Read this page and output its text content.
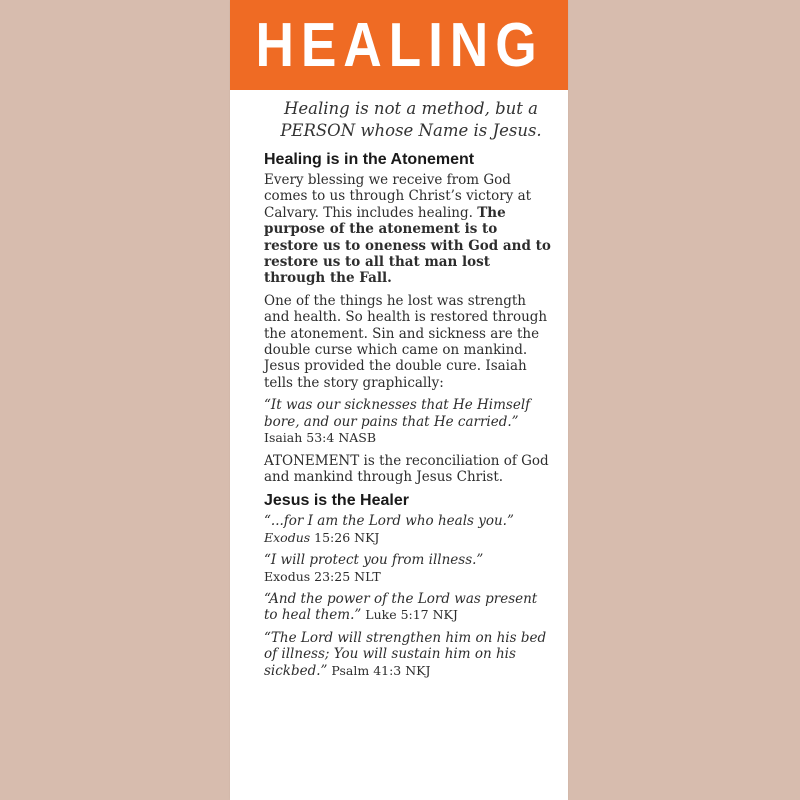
HEALING

Healing is not a method, but a PERSON whose Name is Jesus.

Healing is in the Atonement

Every blessing we receive from God comes to us through Christ’s victory at Calvary. This includes healing. The purpose of the atonement is to restore us to oneness with God and to restore us to all that man lost through the Fall.

One of the things he lost was strength and health. So health is restored through the atonement. Sin and sickness are the double curse which came on mankind. Jesus provided the double cure. Isaiah tells the story graphically:

“It was our sicknesses that He Himself bore, and our pains that He carried.”
Isaiah 53:4 NASB

ATONEMENT is the reconciliation of God and mankind through Jesus Christ.

Jesus is the Healer

“...for I am the Lord who heals you.”
Exodus 15:26 NKJ

“I will protect you from illness.”
Exodus 23:25 NLT

“And the power of the Lord was present to heal them.” Luke 5:17 NKJ

“The Lord will strengthen him on his bed of illness; You will sustain him on his sickbed.” Psalm 41:3 NKJ
